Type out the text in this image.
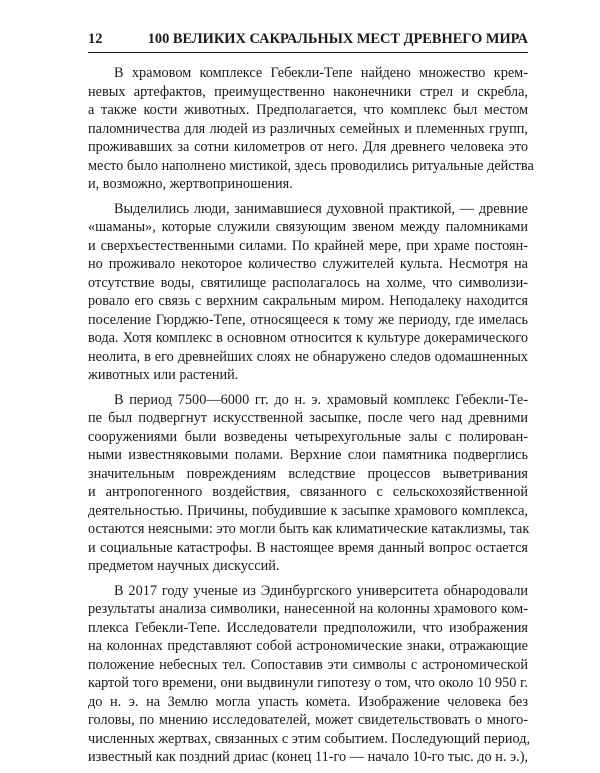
12	100 ВЕЛИКИХ САКРАЛЬНЫХ МЕСТ ДРЕВНЕГО МИРА
В храмовом комплексе Гебекли-Тепе найдено множество крем-
невых артефактов, преимущественно наконечники стрел и скребла,
а также кости животных. Предполагается, что комплекс был местом
паломничества для людей из различных семейных и племенных групп,
проживавших за сотни километров от него. Для древнего человека это
место было наполнено мистикой, здесь проводились ритуальные действа
и, возможно, жертвоприношения.
Выделились люди, занимавшиеся духовной практикой, — древние
«шаманы», которые служили связующим звеном между паломниками
и сверхъестественными силами. По крайней мере, при храме постоян-
но проживало некоторое количество служителей культа. Несмотря на
отсутствие воды, святилище располагалось на холме, что символизи-
ровало его связь с верхним сакральным миром. Неподалеку находится
поселение Гюрджю-Тепе, относящееся к тому же периоду, где имелась
вода. Хотя комплекс в основном относится к культуре докерамического
неолита, в его древнейших слоях не обнаружено следов одомашненных
животных или растений.
В период 7500—6000 гг. до н. э. храмовый комплекс Гебекли-Те-
пе был подвергнут искусственной засыпке, после чего над древними
сооружениями были возведены четырехугольные залы с полирован-
ными известняковыми полами. Верхние слои памятника подверглись
значительным повреждениям вследствие процессов выветривания
и антропогенного воздействия, связанного с сельскохозяйственной
деятельностью. Причины, побудившие к засыпке храмового комплекса,
остаются неясными: это могли быть как климатические катаклизмы, так
и социальные катастрофы. В настоящее время данный вопрос остается
предметом научных дискуссий.
В 2017 году ученые из Эдинбургского университета обнародовали
результаты анализа символики, нанесенной на колонны храмового ком-
плекса Гебекли-Тепе. Исследователи предположили, что изображения
на колоннах представляют собой астрономические знаки, отражающие
положение небесных тел. Сопоставив эти символы с астрономической
картой того времени, они выдвинули гипотезу о том, что около 10 950 г.
до н. э. на Землю могла упасть комета. Изображение человека без
головы, по мнению исследователей, может свидетельствовать о много-
численных жертвах, связанных с этим событием. Последующий период,
известный как поздний дриас (конец 11-го — начало 10-го тыс. до н. э.),
